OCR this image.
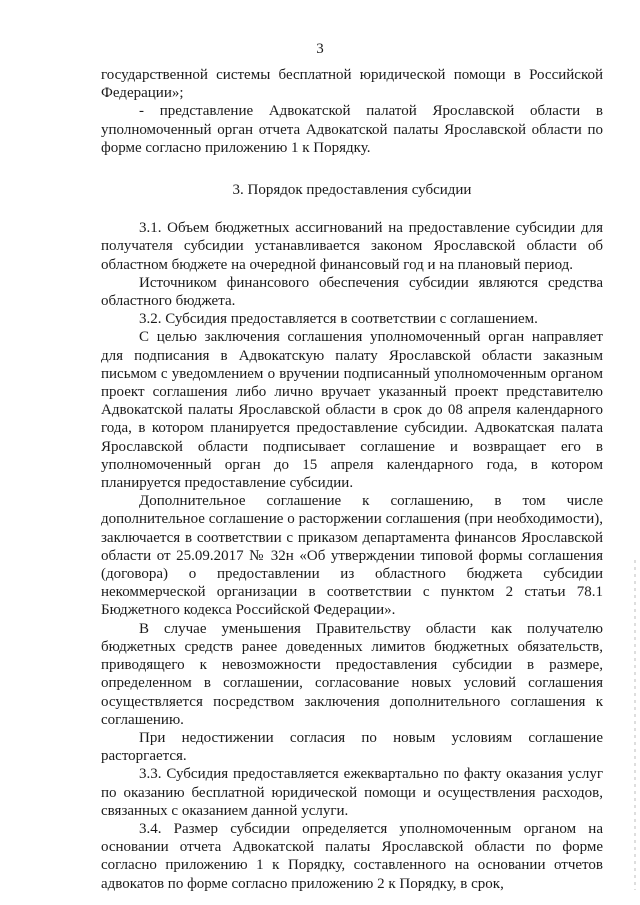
3

государственной системы бесплатной юридической помощи в Российской Федерации»;

- представление Адвокатской палатой Ярославской области в уполномоченный орган отчета Адвокатской палаты Ярославской области по форме согласно приложению 1 к Порядку.

3. Порядок предоставления субсидии

3.1. Объем бюджетных ассигнований на предоставление субсидии для получателя субсидии устанавливается законом Ярославской области об областном бюджете на очередной финансовый год и на плановый период.

Источником финансового обеспечения субсидии являются средства областного бюджета.

3.2. Субсидия предоставляется в соответствии с соглашением.

С целью заключения соглашения уполномоченный орган направляет для подписания в Адвокатскую палату Ярославской области заказным письмом с уведомлением о вручении подписанный уполномоченным органом проект соглашения либо лично вручает указанный проект представителю Адвокатской палаты Ярославской области в срок до 08 апреля календарного года, в котором планируется предоставление субсидии. Адвокатская палата Ярославской области подписывает соглашение и возвращает его в уполномоченный орган до 15 апреля календарного года, в котором планируется предоставление субсидии.

Дополнительное соглашение к соглашению, в том числе дополнительное соглашение о расторжении соглашения (при необходимости), заключается в соответствии с приказом департамента финансов Ярославской области от 25.09.2017 № 32н «Об утверждении типовой формы соглашения (договора) о предоставлении из областного бюджета субсидии некоммерческой организации в соответствии с пунктом 2 статьи 78.1 Бюджетного кодекса Российской Федерации».

В случае уменьшения Правительству области как получателю бюджетных средств ранее доведенных лимитов бюджетных обязательств, приводящего к невозможности предоставления субсидии в размере, определенном в соглашении, согласование новых условий соглашения осуществляется посредством заключения дополнительного соглашения к соглашению.

При недостижении согласия по новым условиям соглашение расторгается.

3.3. Субсидия предоставляется ежеквартально по факту оказания услуг по оказанию бесплатной юридической помощи и осуществления расходов, связанных с оказанием данной услуги.

3.4. Размер субсидии определяется уполномоченным органом на основании отчета Адвокатской палаты Ярославской области по форме согласно приложению 1 к Порядку, составленного на основании отчетов адвокатов по форме согласно приложению 2 к Порядку, в срок,
